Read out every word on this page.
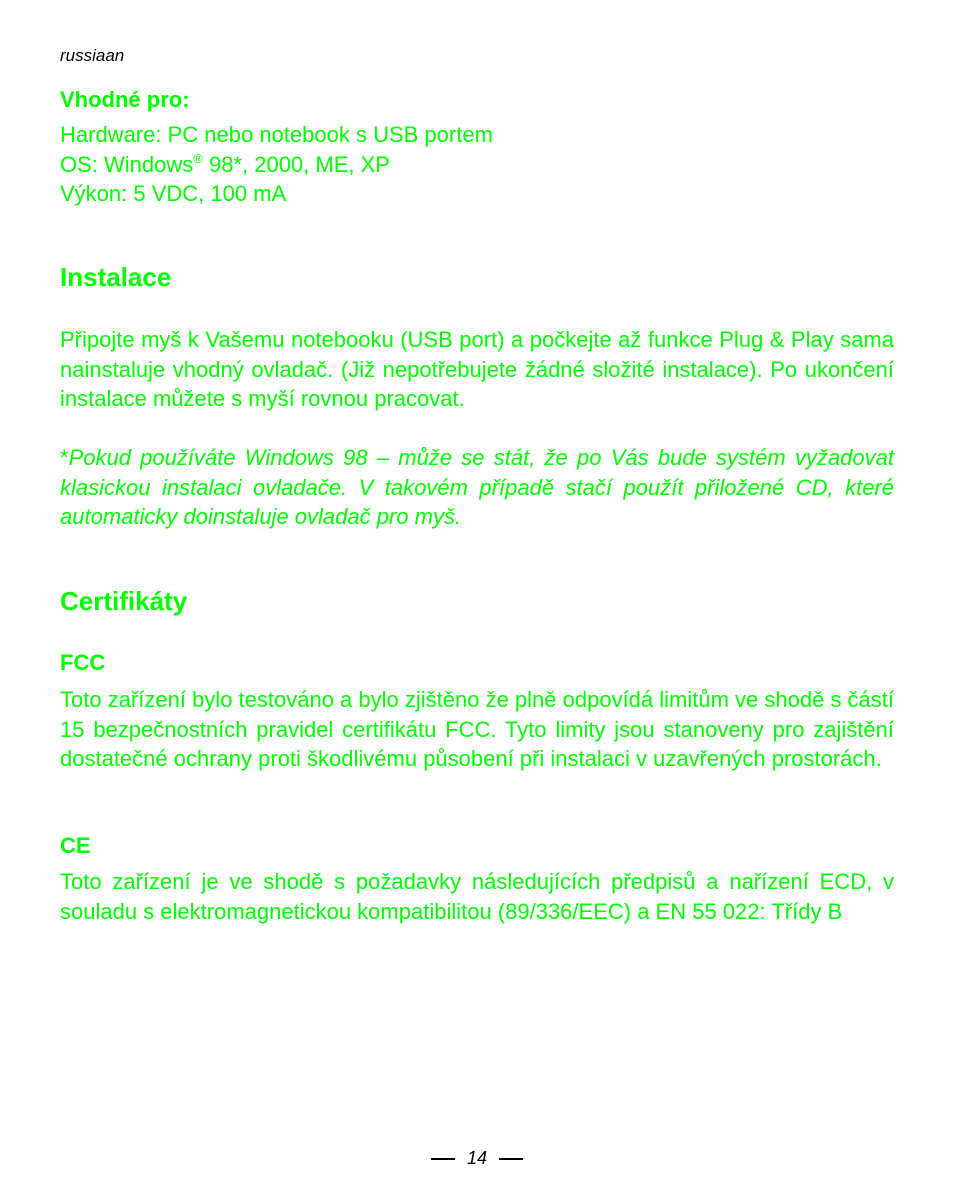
russiaan
Vhodné pro:
Hardware: PC nebo notebook s USB portem
OS: Windows® 98*, 2000, ME, XP
Výkon: 5 VDC, 100 mA
Instalace

Připojte myš k Vašemu notebooku (USB port) a počkejte až funkce Plug & Play sama nainstaluje vhodný ovladač. (Již nepotřebujete žádné složité instalace). Po ukončení instalace můžete s myší rovnou pracovat.

*Pokud používáte Windows 98 – může se stát, že po Vás bude systém vyžadovat klasickou instalaci ovladače. V takovém případě stačí použít přiložené CD, které automaticky doinstaluje ovladač pro myš.

Certifikáty
FCC

Toto zařízení bylo testováno a bylo zjištěno že plně odpovídá limitům ve shodě s částí 15 bezpečnostních pravidel certifikátu FCC. Tyto limity jsou stanoveny pro zajištění dostatečné ochrany proti škodlivému působení při instalaci v uzavřených prostorách.

CE

Toto zařízení je ve shodě s požadavky následujících předpisů a nařízení ECD, v souladu s elektromagnetickou kompatibilitou (89/336/EEC) a EN 55 022: Třídy B

14
